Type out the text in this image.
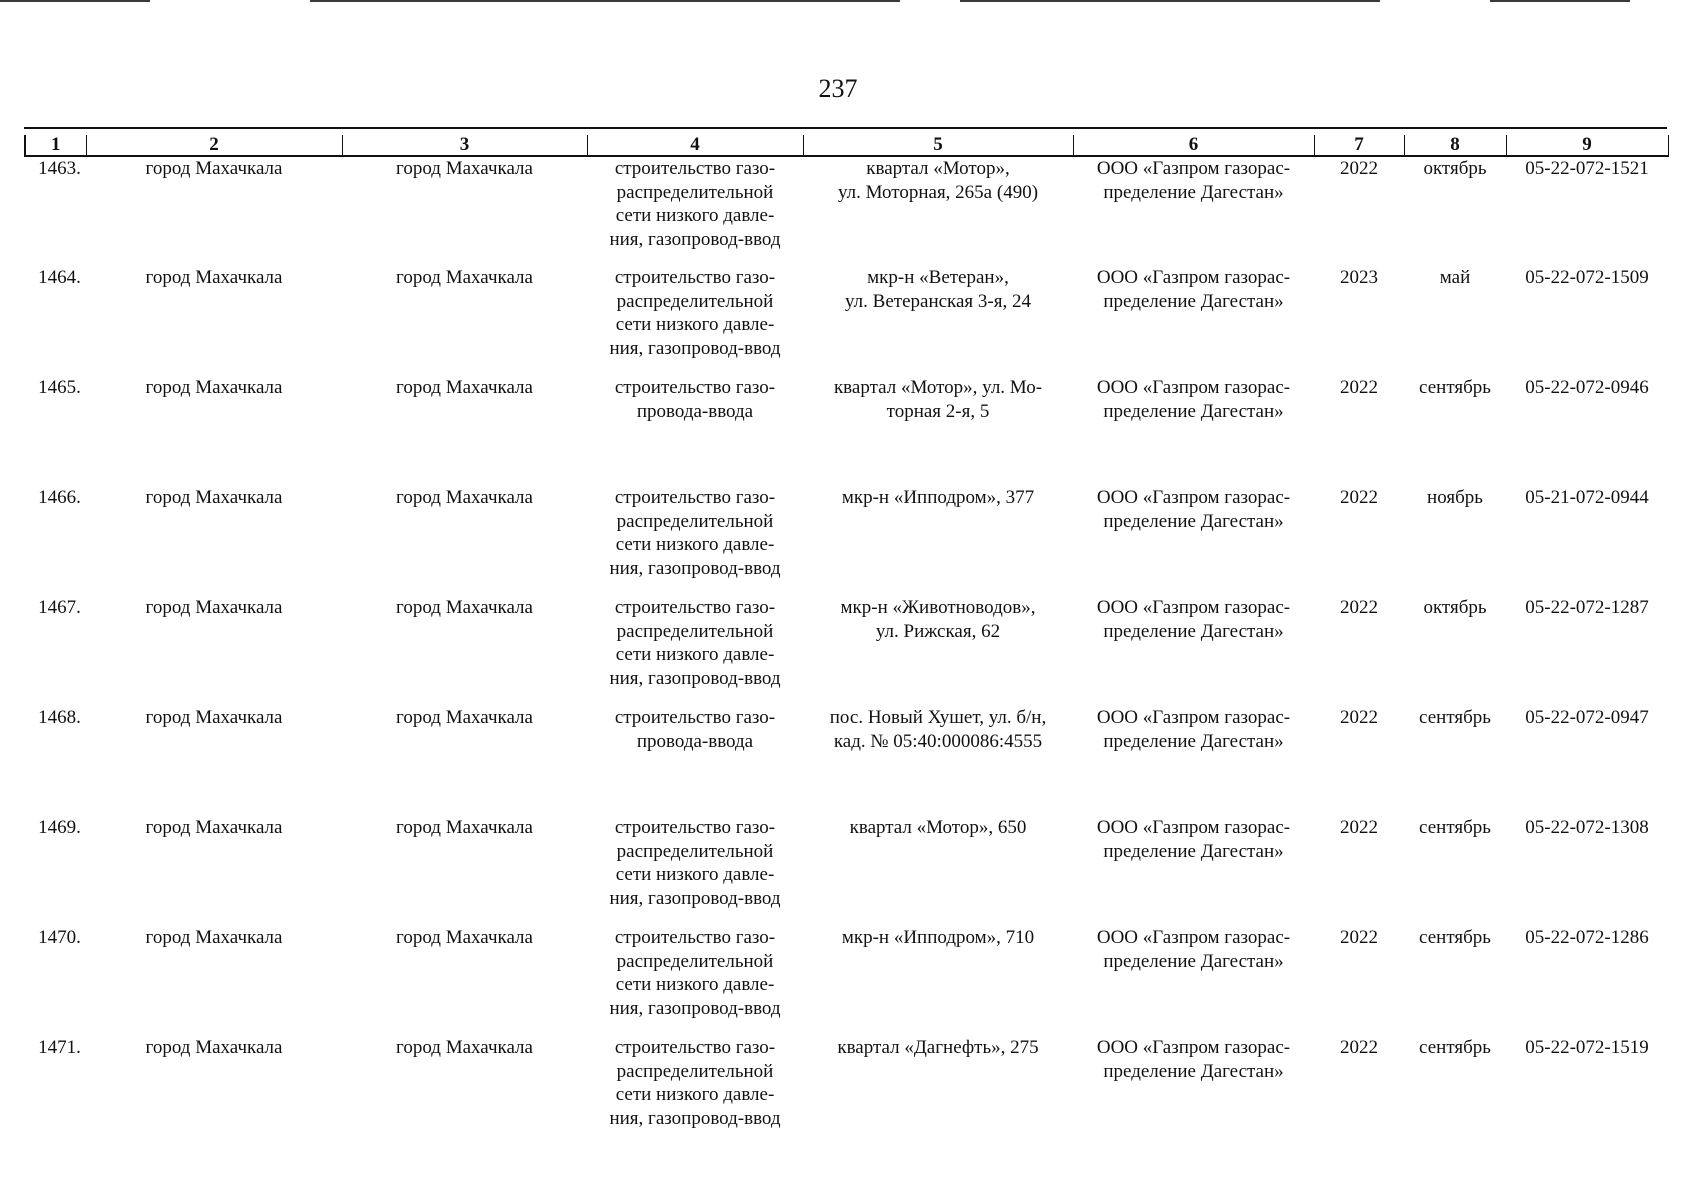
237
1	2	3	4	5	6	7	8	9
1463.	город Махачкала	город Махачкала	строительство газо-
распределительной
сети низкого давле-
ния, газопровод-ввод	квартал «Мотор»,
ул. Моторная, 265а (490)	ООО «Газпром газорас-
пределение Дагестан»	2022	октябрь	05-22-072-1521
1464.	город Махачкала	город Махачкала	строительство газо-
распределительной
сети низкого давле-
ния, газопровод-ввод	мкр-н «Ветеран»,
ул. Ветеранская 3-я, 24	ООО «Газпром газорас-
пределение Дагестан»	2023	май	05-22-072-1509
1465.	город Махачкала	город Махачкала	строительство газо-
провода-ввода	квартал «Мотор», ул. Мо-
торная 2-я, 5	ООО «Газпром газорас-
пределение Дагестан»	2022	сентябрь	05-22-072-0946
1466.	город Махачкала	город Махачкала	строительство газо-
распределительной
сети низкого давле-
ния, газопровод-ввод	мкр-н «Ипподром», 377	ООО «Газпром газорас-
пределение Дагестан»	2022	ноябрь	05-21-072-0944
1467.	город Махачкала	город Махачкала	строительство газо-
распределительной
сети низкого давле-
ния, газопровод-ввод	мкр-н «Животноводов»,
ул. Рижская, 62	ООО «Газпром газорас-
пределение Дагестан»	2022	октябрь	05-22-072-1287
1468.	город Махачкала	город Махачкала	строительство газо-
провода-ввода	пос. Новый Хушет, ул. б/н,
кад. № 05:40:000086:4555	ООО «Газпром газорас-
пределение Дагестан»	2022	сентябрь	05-22-072-0947
1469.	город Махачкала	город Махачкала	строительство газо-
распределительной
сети низкого давле-
ния, газопровод-ввод	квартал «Мотор», 650	ООО «Газпром газорас-
пределение Дагестан»	2022	сентябрь	05-22-072-1308
1470.	город Махачкала	город Махачкала	строительство газо-
распределительной
сети низкого давле-
ния, газопровод-ввод	мкр-н «Ипподром», 710	ООО «Газпром газорас-
пределение Дагестан»	2022	сентябрь	05-22-072-1286
1471.	город Махачкала	город Махачкала	строительство газо-
распределительной
сети низкого давле-
ния, газопровод-ввод	квартал «Дагнефть», 275	ООО «Газпром газорас-
пределение Дагестан»	2022	сентябрь	05-22-072-1519
